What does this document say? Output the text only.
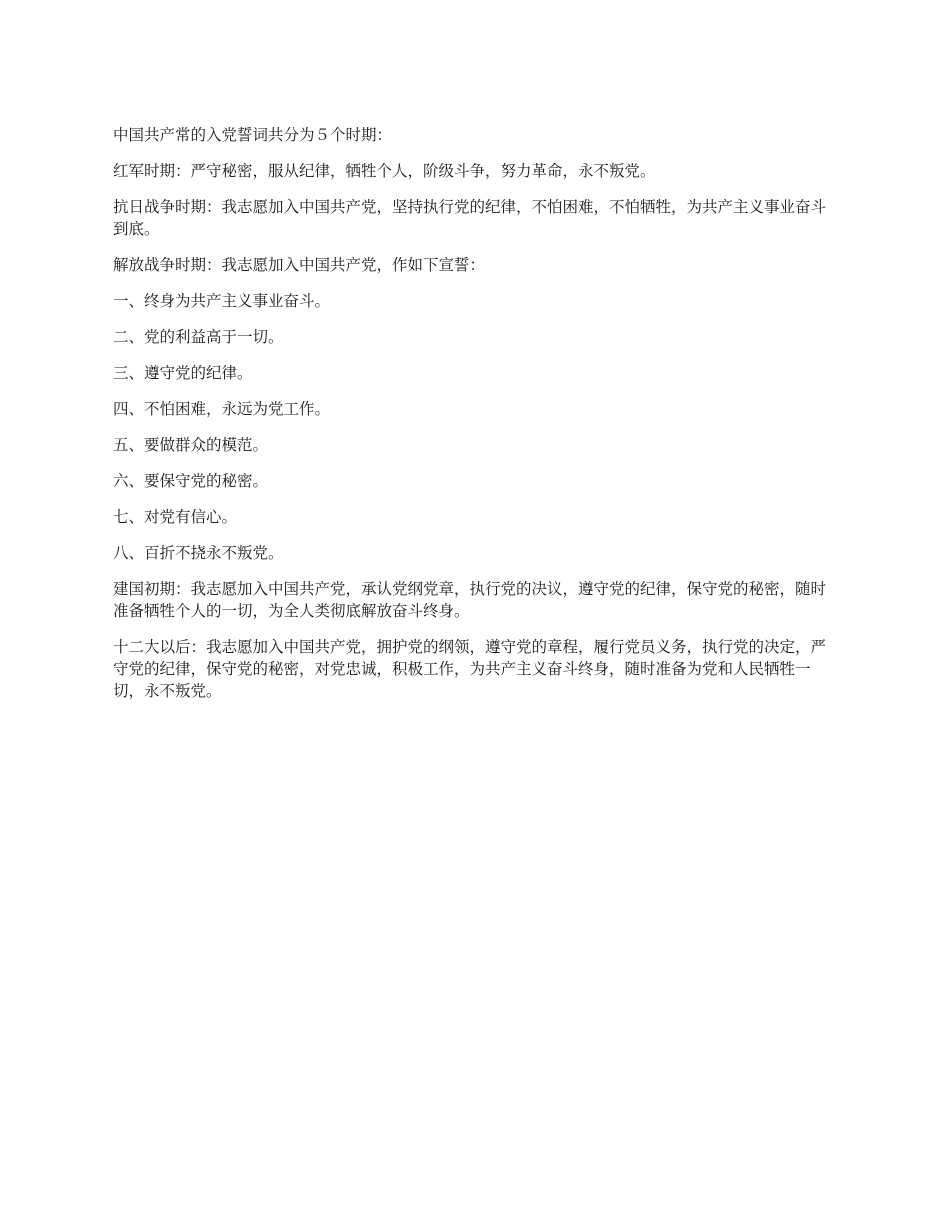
中国共产常的入党誓词共分为５个时期：

红军时期：严守秘密，服从纪律，牺牲个人，阶级斗争，努力革命，永不叛党。

抗日战争时期：我志愿加入中国共产党，坚持执行党的纪律，不怕困难，不怕牺牲，为共产主义事业奋斗到底。

解放战争时期：我志愿加入中国共产党，作如下宣誓：

一、终身为共产主义事业奋斗。

二、党的利益高于一切。

三、遵守党的纪律。

四、不怕困难，永远为党工作。

五、要做群众的模范。

六、要保守党的秘密。

七、对党有信心。

八、百折不挠永不叛党。

建国初期：我志愿加入中国共产党，承认党纲党章，执行党的决议，遵守党的纪律，保守党的秘密，随时准备牺牲个人的一切，为全人类彻底解放奋斗终身。

十二大以后：我志愿加入中国共产党，拥护党的纲领，遵守党的章程，履行党员义务，执行党的决定，严守党的纪律，保守党的秘密，对党忠诚，积极工作，为共产主义奋斗终身，随时准备为党和人民牺牲一切，永不叛党。
